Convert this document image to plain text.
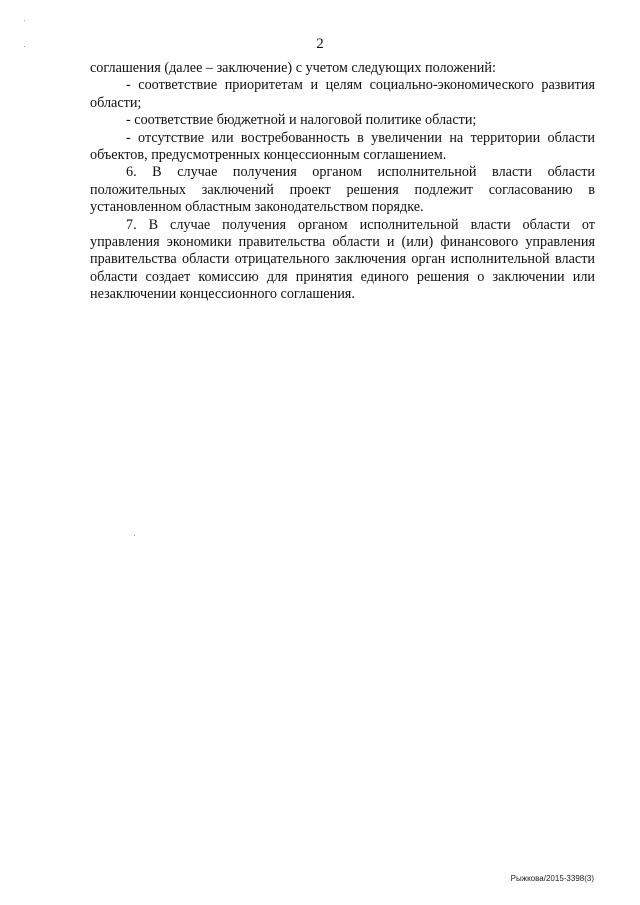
2

соглашения (далее – заключение) с учетом следующих положений:

- соответствие приоритетам и целям социально-экономического развития области;

- соответствие бюджетной и налоговой политике области;

- отсутствие или востребованность в увеличении на территории области объектов, предусмотренных концессионным соглашением.

6. В случае получения органом исполнительной власти области положительных заключений проект решения подлежит согласованию в установленном областным законодательством порядке.

7. В случае получения органом исполнительной власти области от управления экономики правительства области и (или) финансового управления правительства области отрицательного заключения орган исполнительной власти области создает комиссию для принятия единого решения о заключении или незаключении концессионного соглашения.

Рыжкова/2015-3398(3)
